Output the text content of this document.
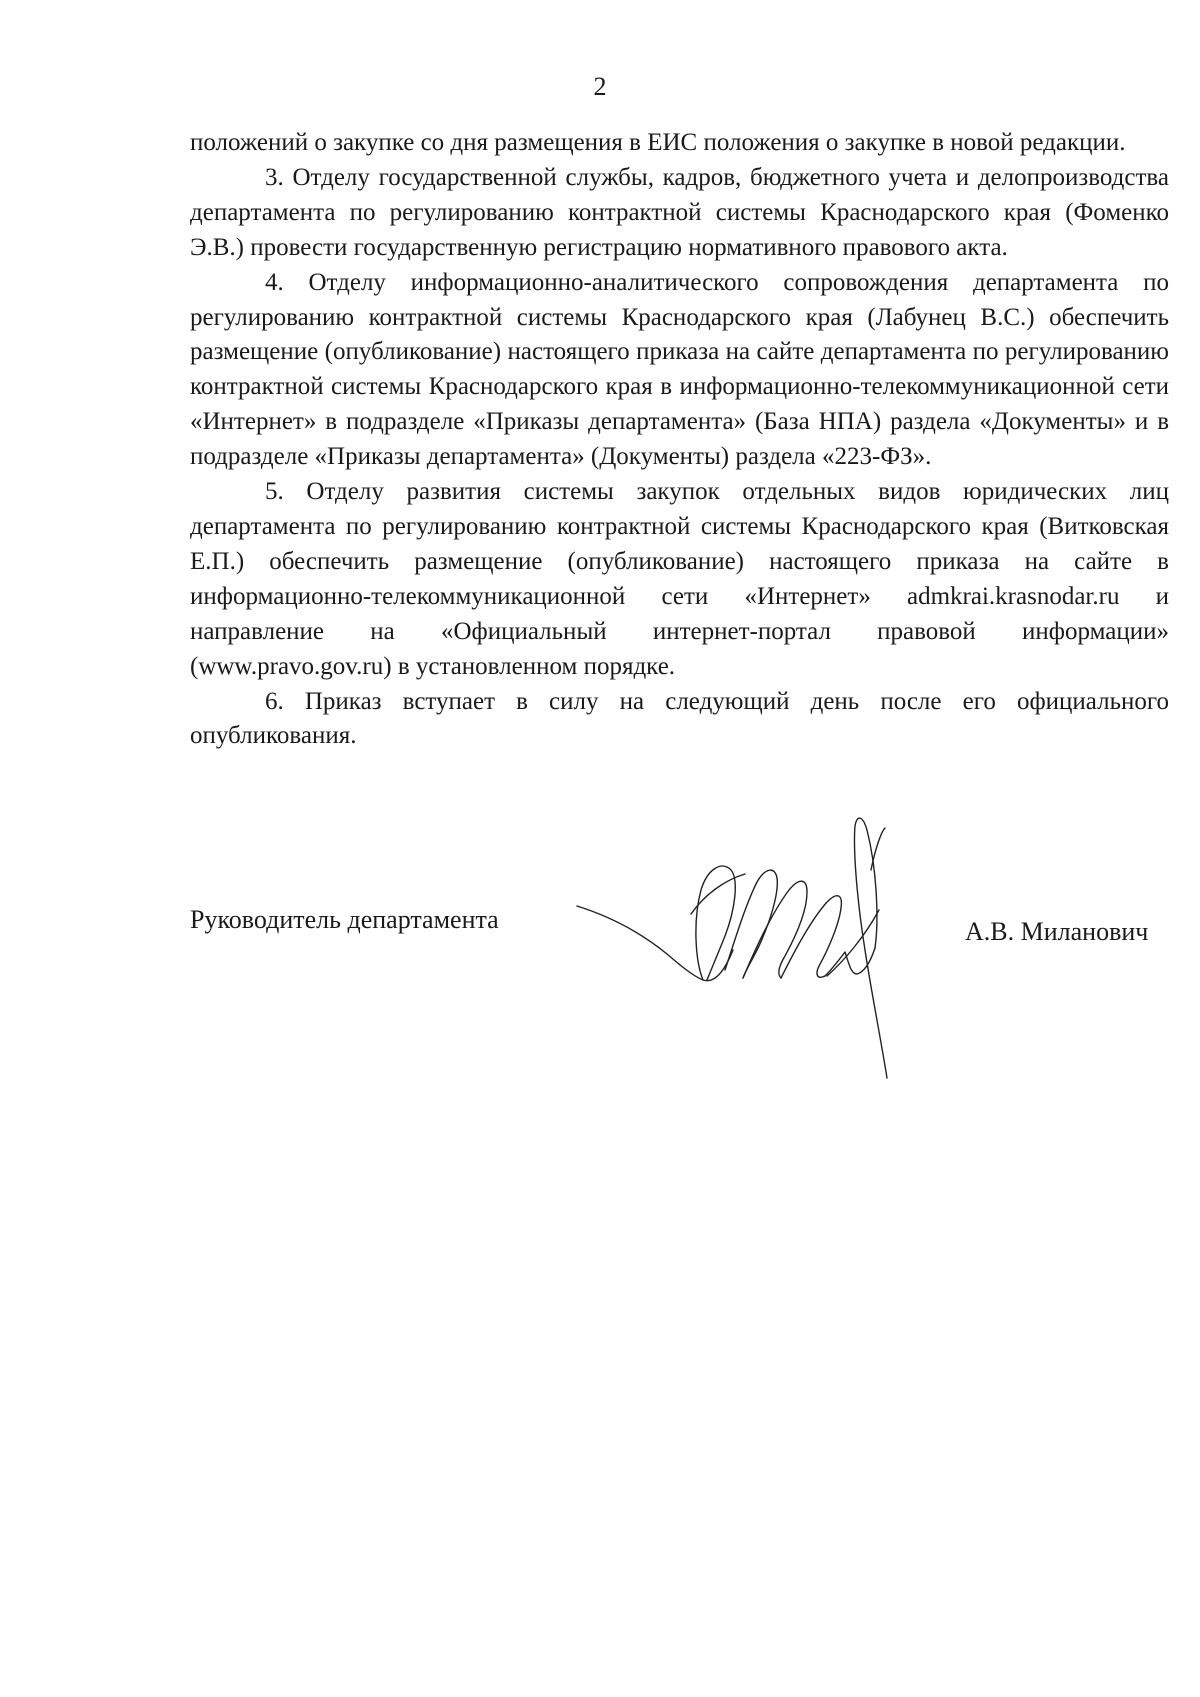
2

положений о закупке со дня размещения в ЕИС положения о закупке в новой редакции.

3. Отделу государственной службы, кадров, бюджетного учета и делопроизводства департамента по регулированию контрактной системы Краснодарского края (Фоменко Э.В.) провести государственную регистрацию нормативного правового акта.

4. Отделу информационно-аналитического сопровождения департамента по регулированию контрактной системы Краснодарского края (Лабунец В.С.) обеспечить размещение (опубликование) настоящего приказа на сайте департамента по регулированию контрактной системы Краснодарского края в информационно-телекоммуникационной сети «Интернет» в подразделе «Приказы департамента» (База НПА) раздела «Документы» и в подразделе «Приказы департамента» (Документы) раздела «223-ФЗ».

5. Отделу развития системы закупок отдельных видов юридических лиц департамента по регулированию контрактной системы Краснодарского края (Витковская Е.П.) обеспечить размещение (опубликование) настоящего приказа на сайте в информационно-телекоммуникационной сети «Интернет» admkrai.krasnodar.ru и направление на «Официальный интернет-портал правовой информации» (www.pravo.gov.ru) в установленном порядке.

6. Приказ вступает в силу на следующий день после его официального опубликования.

Руководитель департамента	А.В. Миланович
